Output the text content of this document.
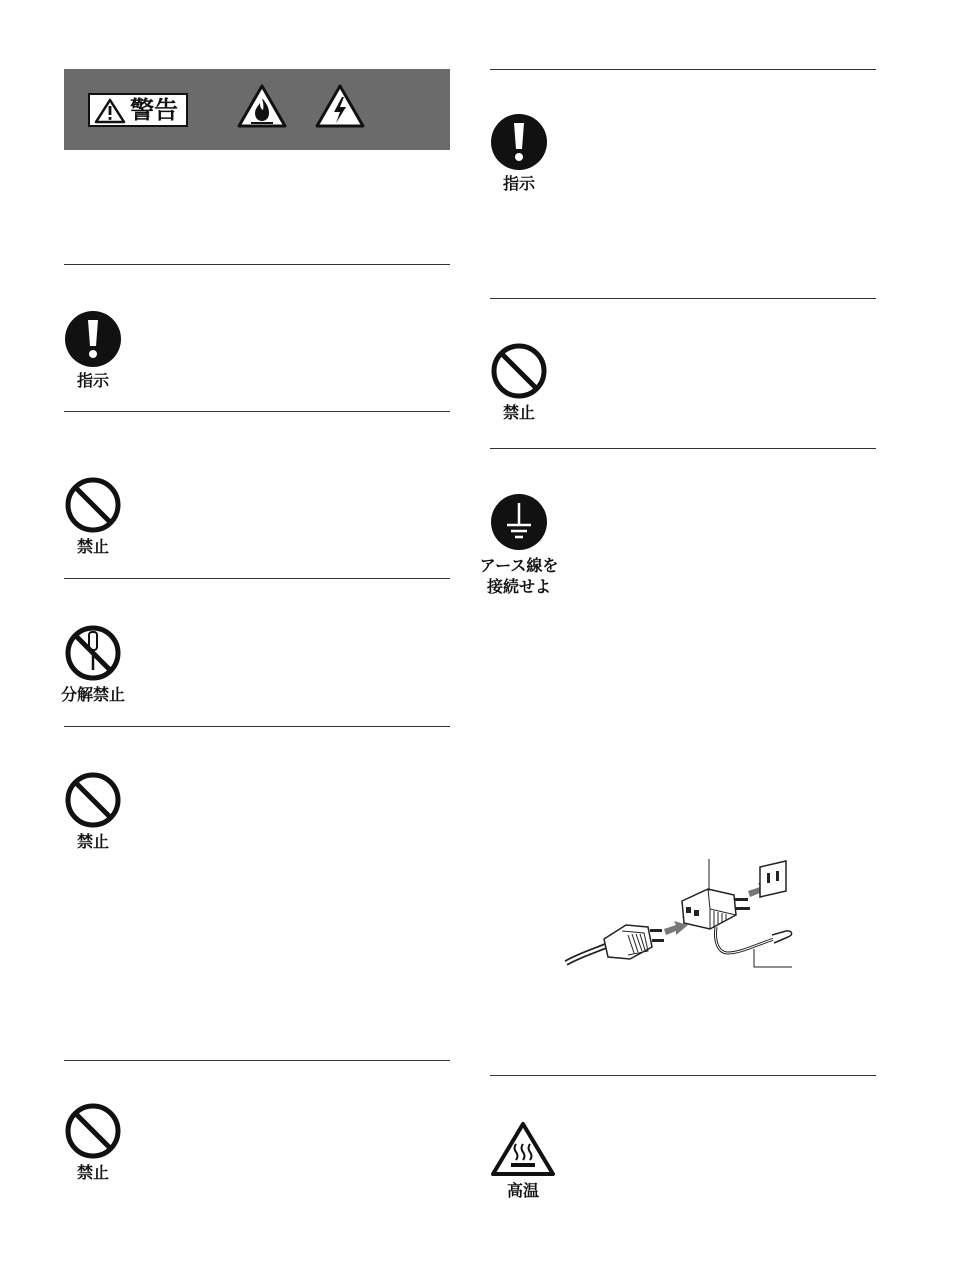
警告
指示
禁止
分解禁止
禁止
禁止
指示
禁止
アース線を
接続せよ
高温
